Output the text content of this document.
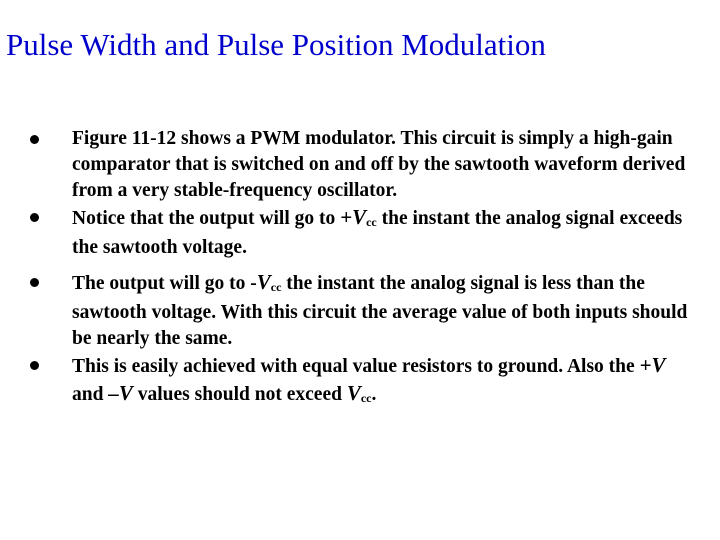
Pulse Width and Pulse Position Modulation
Figure 11-12 shows a PWM modulator. This circuit is simply a high-gain comparator that is switched on and off by the sawtooth waveform derived from a very stable-frequency oscillator.
Notice that the output will go to $+V_{cc}$ the instant the analog signal exceeds the sawtooth voltage.
The output will go to $-V_{cc}$ the instant the analog signal is less than the sawtooth voltage. With this circuit the average value of both inputs should be nearly the same.
This is easily achieved with equal value resistors to ground. Also the +V and –V values should not exceed $V_{cc}$.
